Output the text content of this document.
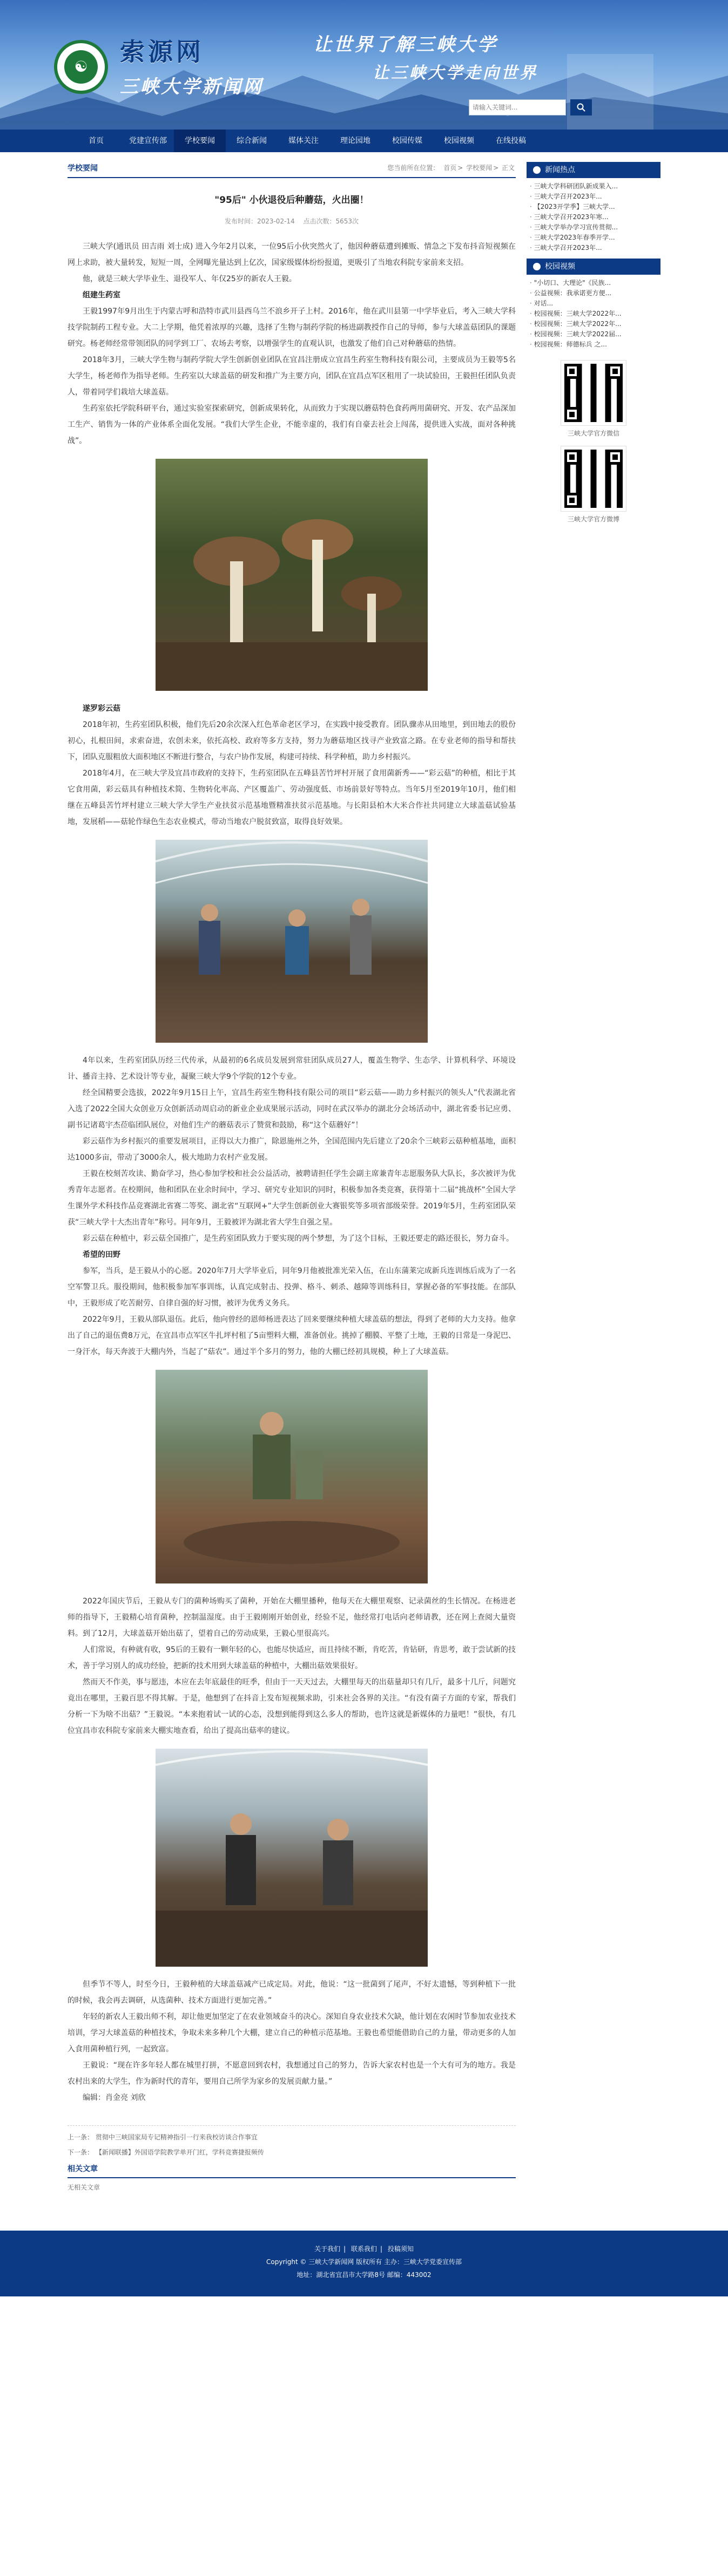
☯
索源网
三峡大学新闻网
让世界了解三峡大学
让三峡大学走向世界
请输入关键词...
首页	党建宣传部	学校要闻	综合新闻	媒体关注	理论园地	校园传媒	校园视频	在线投稿
学校要闻	您当前所在位置： 首页 > 学校要闻 > 正文
"95后" 小伙退役后种蘑菇，火出圈！
发布时间：2023-02-14 点击次数：5653次

三峡大学(通讯员 田吉雨 刘士成) 进入今年2月以来，一位95后小伙突然火了，他因种蘑菇遭到摊贩、情急之下发布抖音短视频在网上求助，被大量转发，短短一周，全网曝光量达到上亿次，国家级媒体纷纷报道，更吸引了当地农科院专家前来支招。

他，就是三峡大学毕业生、退役军人、年仅25岁的新农人王毅。

组建生药室

王毅1997年9月出生于内蒙古呼和浩特市武川县西乌兰不浪乡开子上村。2016年，他在武川县第一中学毕业后，考入三峡大学科技学院制药工程专业。大二上学期，他凭着浓厚的兴趣，选择了生物与制药学院的杨进副教授作自己的导师，参与大球盖菇团队的课题研究。杨老师经常带领团队的同学到工厂、农场去考察，以增强学生的直观认识，也激发了他们自己对种蘑菇的热情。

2018年3月，三峡大学生物与制药学院大学生创新创业团队在宜昌注册成立宜昌生药室生物科技有限公司，主要成员为王毅等5名大学生，杨老师作为指导老师。生药室以大球盖菇的研发和推广为主要方向，团队在宜昌点军区租用了一块试验田，王毅担任团队负责人，带着同学们栽培大球盖菇。

生药室依托学院科研平台，通过实验室探索研究，创新成果转化，从而致力于实现以蘑菇特色食药两用菌研究、开发、农产品深加工生产、销售为一体的产业体系全面化发展。“我们大学生企业，不能幸虚的，我们有自豪去社会上闯荡，提供进入实战，面对各种挑战”。

遂罗彩云菇

2018年初，生药室团队积极，他们先后20余次深入红色革命老区学习，在实践中接受教育。团队骤赤从田地里，到田地去的股份初心，扎根田间，求索奋进，农创未来，依托高校、政府等多方支持，努力为蘑菇地区找寻产业致富之路。在专业老师的指导和帮扶下，团队克服粗放大面积地区不断进行整合，与农户协作发展，构建可持续、科学种植，助力乡村振兴。

2018年4月，在三峡大学及宜昌市政府的支持下，生药室团队在五峰县苦竹坪村开展了食用菌新秀——“彩云菇”的种植，相比于其它食用菌，彩云菇具有种植技术简、生物转化率高、产区覆盖广、劳动强度低、市场前景好等特点。当年5月至2019年10月，他们相继在五峰县苦竹坪村建立三峡大学大学生产业扶贫示范基地暨精准扶贫示范基地。与长阳县柏木大米合作社共同建立大球盖菇试验基地，发展稻——菇轮作绿色生态农业模式，带动当地农户脱贫致富，取得良好效果。

4年以来，生药室团队历经三代传承，从最初的6名成员发展到常驻团队成员27人，覆盖生物学、生态学、计算机科学、环境设计、播音主持、艺术设计等专业，凝聚三峡大学9个学院的12个专业。

经全国精要会选拔，2022年9月15日上午，宜昌生药室生物科技有限公司的项目“彩云菇——助力乡村振兴的领头人”代表湖北省入选了2022全国大众创业万众创新活动周启动的新业企业成果展示活动，同时在武汉举办的湖北分会场活动中，湖北省委书记应勇、副书记诸葛宇杰莅临团队展位，对他们生产的蘑菇表示了赞赏和鼓励，称“这个菇蘑好”！

彩云菇作为乡村振兴的重要发展项目，正得以大力推广，除恩施州之外，全国范围内先后建立了20余个三峡彩云菇种植基地，面积达1000多亩，带动了3000余人，极大地助力农村产业发展。

王毅在校刻苦攻读、勤奋学习，热心参加学校和社会公益活动，被聘请担任学生会副主席兼青年志愿服务队大队长，多次被评为优秀青年志愿者。在校期间，他和团队在业余时间中，学习、研究专业知识的同时，积极参加各类竞赛，获得第十二届“挑战杯”全国大学生课外学术科技作品竞赛湖北省赛二等奖、湖北省“互联网+”大学生创新创业大赛银奖等多项省部级荣誉。2019年5月，生药室团队荣获“三峡大学十大杰出青年”称号。同年9月，王毅被评为湖北省大学生自强之星。

彩云菇在种植中，彩云菇全国推广，是生药室团队致力于要实现的两个梦想，为了这个目标，王毅还要走的路还很长，努力奋斗。

希望的田野

参军，当兵，是王毅从小的心愿。2020年7月大学毕业后，同年9月他被批准光荣入伍，在山东蒲莱完成新兵连训练后成为了一名空军警卫兵。服役期间，他积极参加军事训练，认真完成射击、投弹、格斗、刺杀、越障等训练科目，掌握必备的军事技能。在部队中，王毅形成了吃苦耐劳、自律自强的好习惯，被评为优秀义务兵。

2022年9月，王毅从部队退伍。此后，他向曾经的恩师杨进表达了回来要继续种植大球盖菇的想法，得到了老师的大力支持。他拿出了自己的退伍费8万元，在宜昌市点军区牛扎坪村租了5亩塑料大棚，准备创业。挑掉了棚膜、平整了土地，王毅的日常是一身泥巴、一身汗水，每天奔波于大棚内外，当起了“菇农”。通过半个多月的努力，他的大棚已经初具规模，种上了大球盖菇。

2022年国庆节后，王毅从专门的菌种场购买了菌种，开始在大棚里播种，他每天在大棚里观察、记录菌丝的生长情况。在杨进老师的指导下，王毅精心培育菌种，控制温湿度。由于王毅刚刚开始创业，经验不足，他经常打电话向老师请教，还在网上查阅大量资料。到了12月，大球盖菇开始出菇了，望着自己的劳动成果，王毅心里很高兴。

人们常说，有种就有收，95后的王毅有一颗年轻的心，也能尽快适应，而且持续不断，肯吃苦，肯钻研，肯思考，敢于尝试新的技术，善于学习别人的成功经验，把新的技术用到大球盖菇的种植中，大棚出菇效果很好。

然而天不作美，事与愿违，本应在去年底最佳的旺季，但由于一天天过去，大棚里每天的出菇量却只有几斤，最多十几斤，问题究竟出在哪里，王毅百思不得其解。于是，他想到了在抖音上发布短视频求助，引来社会各界的关注。“有没有菌子方面的专家，帮我们分析一下为啥不出菇？”王毅说。“本来抱着试一试的心态，没想到能得到这么多人的帮助，也许这就是新媒体的力量吧！”很快，有几位宜昌市农科院专家前来大棚实地查看，给出了提高出菇率的建议。

但季节不等人，时至今日，王毅种植的大球盖菇减产已成定局。对此，他说：“这一批菌到了尾声，不好太遗憾，等到种植下一批的时候，我会再去调研，从选菌种、技术方面进行更加完善。”

年轻的新农人王毅出师不利，却让他更加坚定了在农业领域奋斗的决心。深知自身农业技术欠缺，他计划在农闲时节参加农业技术培训，学习大球盖菇的种植技术，争取未来多种几个大棚，建立自己的种植示范基地。王毅也希望能借助自己的力量，带动更多的人加入食用菌种植行列，一起致富。

王毅说：“现在许多年轻人都在城里打拼，不愿意回到农村，我想通过自己的努力，告诉大家农村也是一个大有可为的地方。我是农村出来的大学生，作为新时代的青年，要用自己所学为家乡的发展贡献力量。”

编辑：肖金亮 刘欣

上一条： 贯彻中三峡国家局专记精神指引一行来我校访谈合作事宜
下一条： 【新闻联播】外国语学院教学单开门红，学科竞赛捷报频传
相关文章
无相关文章
新闻热点
· 三峡大学科研团队新成果入...
· 三峡大学召开2023年...
· 【2023开学季】三峡大学...
· 三峡大学召开2023年寒...
· 三峡大学举办学习宣传贯彻...
· 三峡大学2023年春季开学...
· 三峡大学召开2023年...
校园视频
· "小切口、大理论"《民族...
· 公益视频：我承诺更方便...
· 对话...
· 校园视频：三峡大学2022年...
· 校园视频：三峡大学2022年...
· 校园视频：三峡大学2022届...
· 校园视频：师德标兵 之...
三峡大学官方微信
三峡大学官方微博
关于我们 | 联系我们 | 投稿须知
Copyright © 三峡大学新闻网 版权所有 主办：三峡大学党委宣传部
地址：湖北省宜昌市大学路8号 邮编：443002
